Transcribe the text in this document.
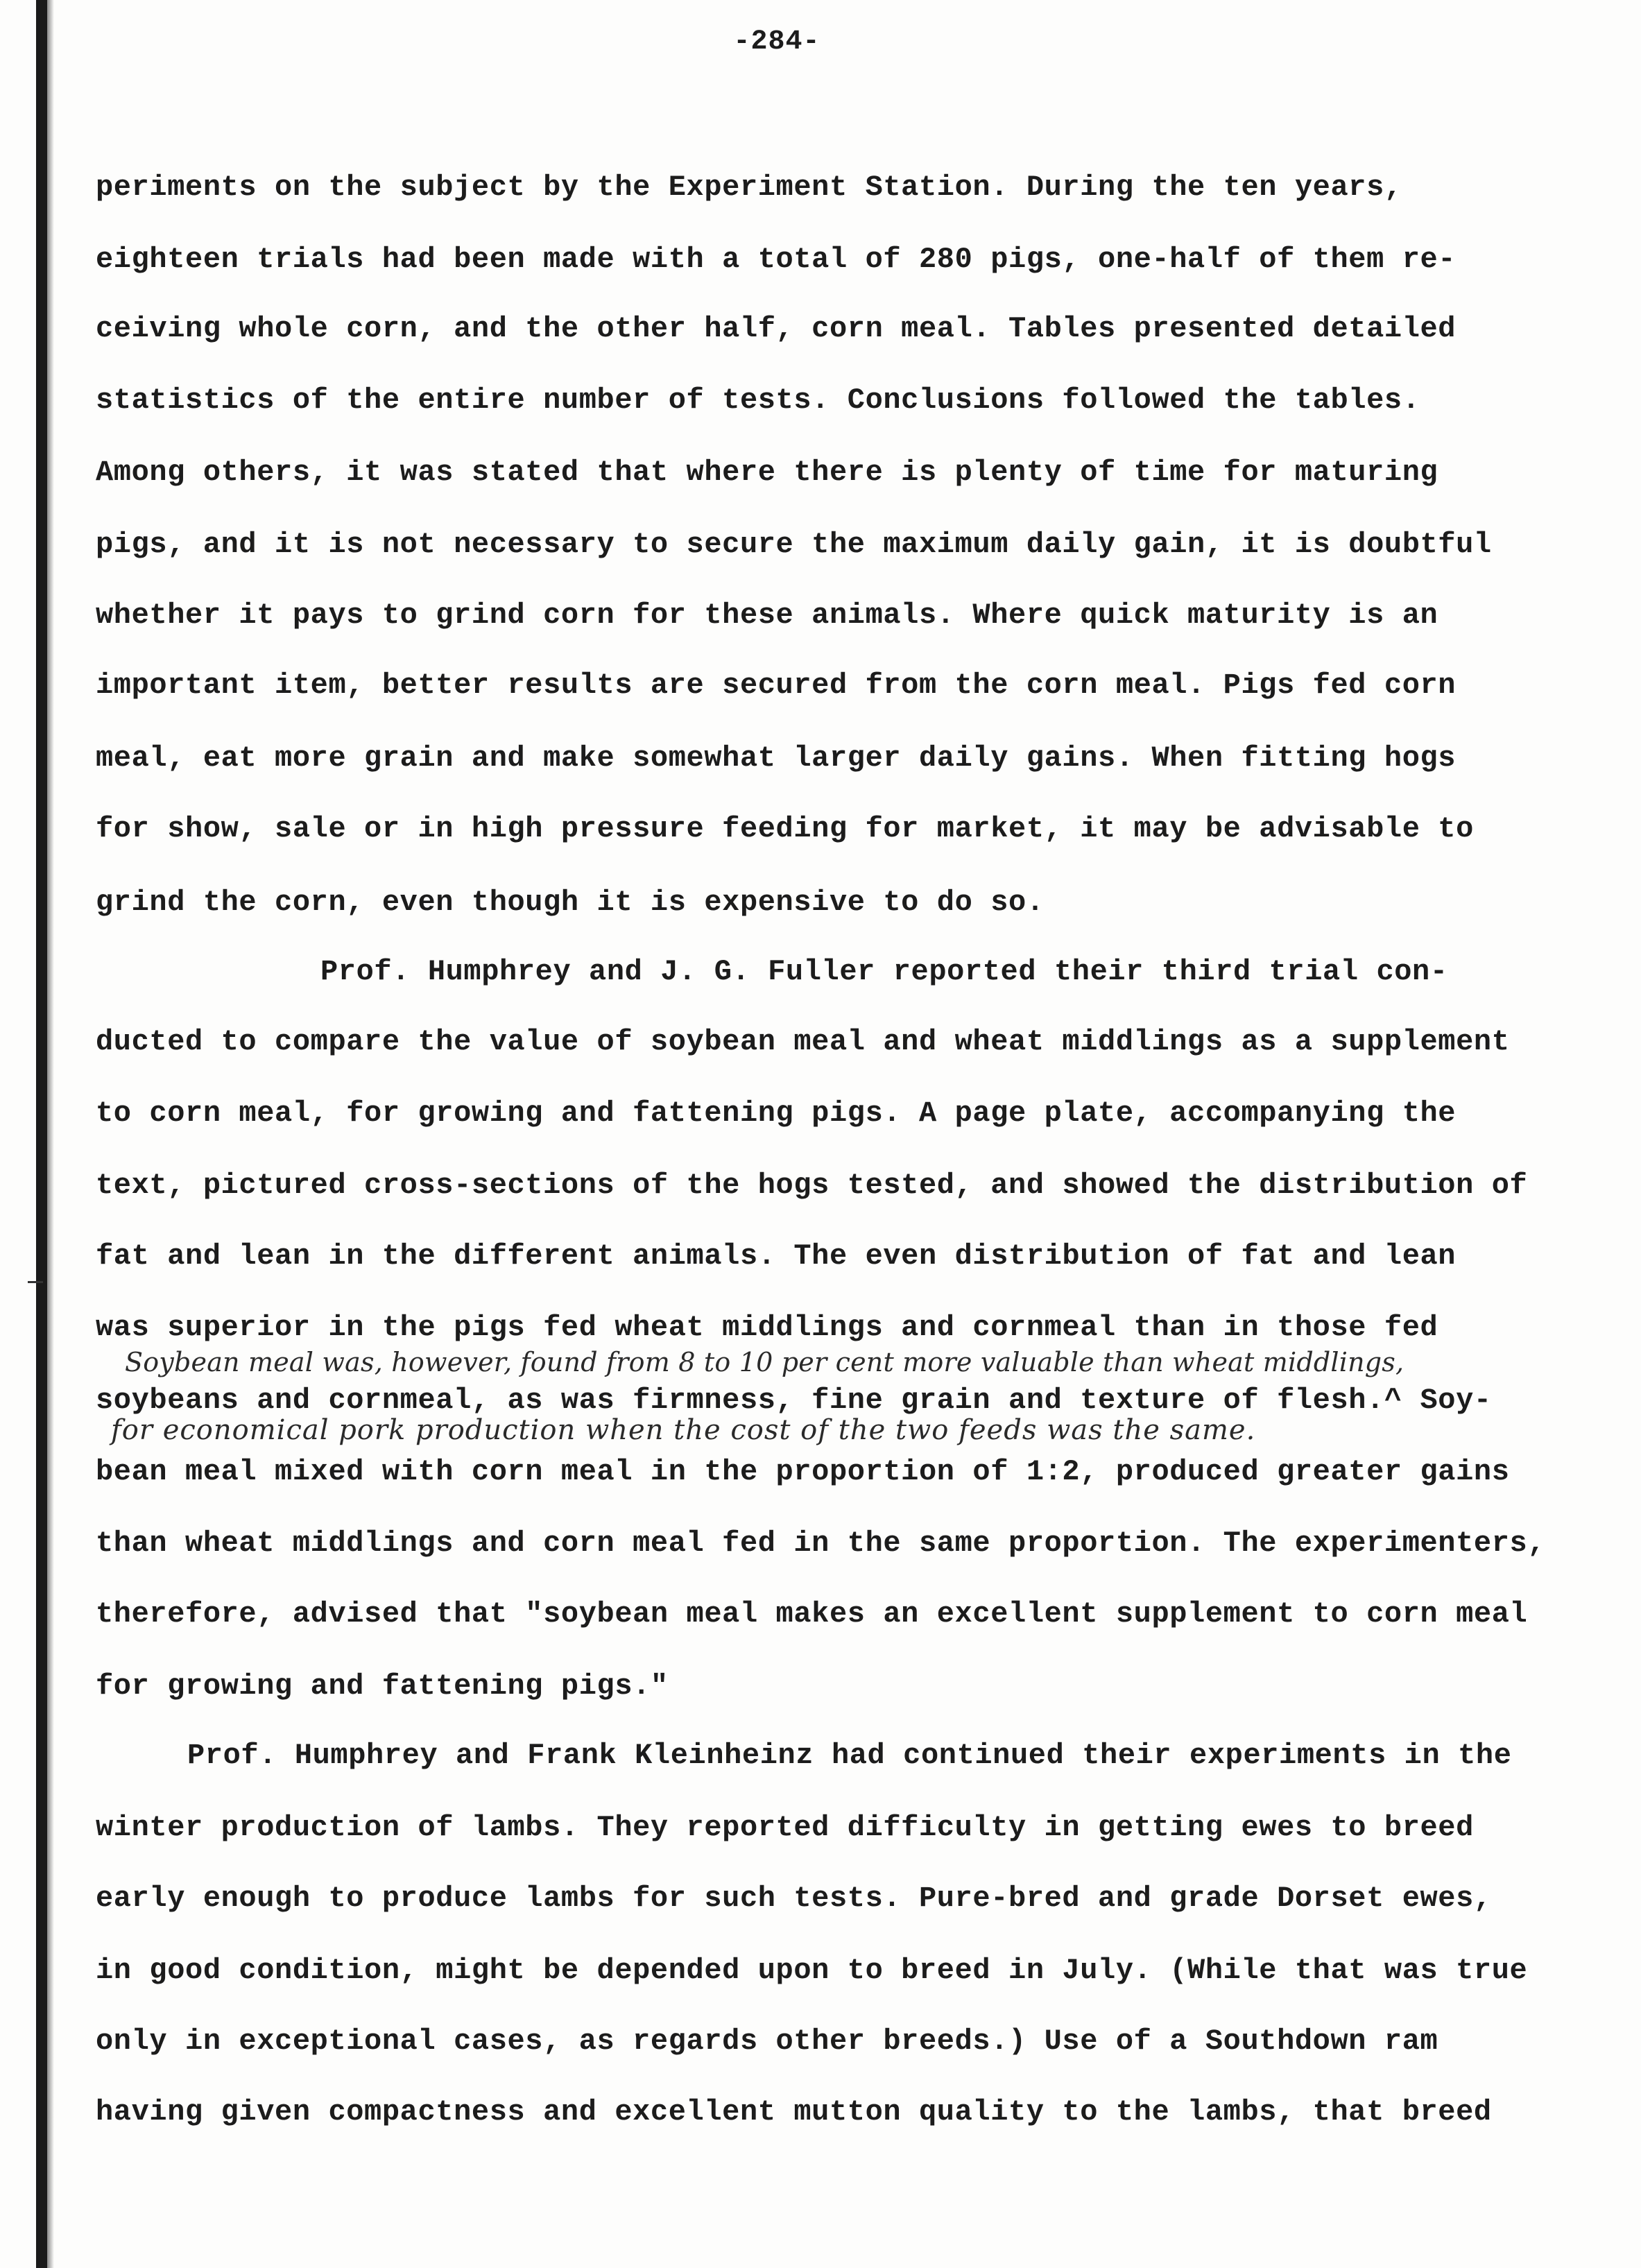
-284-
periments on the subject by the Experiment Station. During the ten years,
eighteen trials had been made with a total of 280 pigs, one-half of them re-
ceiving whole corn, and the other half, corn meal. Tables presented detailed
statistics of the entire number of tests. Conclusions followed the tables.
Among others, it was stated that where there is plenty of time for maturing
pigs, and it is not necessary to secure the maximum daily gain, it is doubtful
whether it pays to grind corn for these animals. Where quick maturity is an
important item, better results are secured from the corn meal. Pigs fed corn
meal, eat more grain and make somewhat larger daily gains. When fitting hogs
for show, sale or in high pressure feeding for market, it may be advisable to
grind the corn, even though it is expensive to do so.
Prof. Humphrey and J. G. Fuller reported their third trial con-
ducted to compare the value of soybean meal and wheat middlings as a supplement
to corn meal, for growing and fattening pigs. A page plate, accompanying the
text, pictured cross-sections of the hogs tested, and showed the distribution of
fat and lean in the different animals. The even distribution of fat and lean
was superior in the pigs fed wheat middlings and cornmeal than in those fed
Soybean meal was, however, found from 8 to 10 per cent more valuable than wheat middlings,
soybeans and cornmeal, as was firmness, fine grain and texture of flesh.^ Soy-
for economical pork production when the cost of the two feeds was the same.
bean meal mixed with corn meal in the proportion of 1:2, produced greater gains
than wheat middlings and corn meal fed in the same proportion. The experimenters,
therefore, advised that "soybean meal makes an excellent supplement to corn meal
for growing and fattening pigs."
Prof. Humphrey and Frank Kleinheinz had continued their experiments in the
winter production of lambs. They reported difficulty in getting ewes to breed
early enough to produce lambs for such tests. Pure-bred and grade Dorset ewes,
in good condition, might be depended upon to breed in July. (While that was true
only in exceptional cases, as regards other breeds.) Use of a Southdown ram
having given compactness and excellent mutton quality to the lambs, that breed
